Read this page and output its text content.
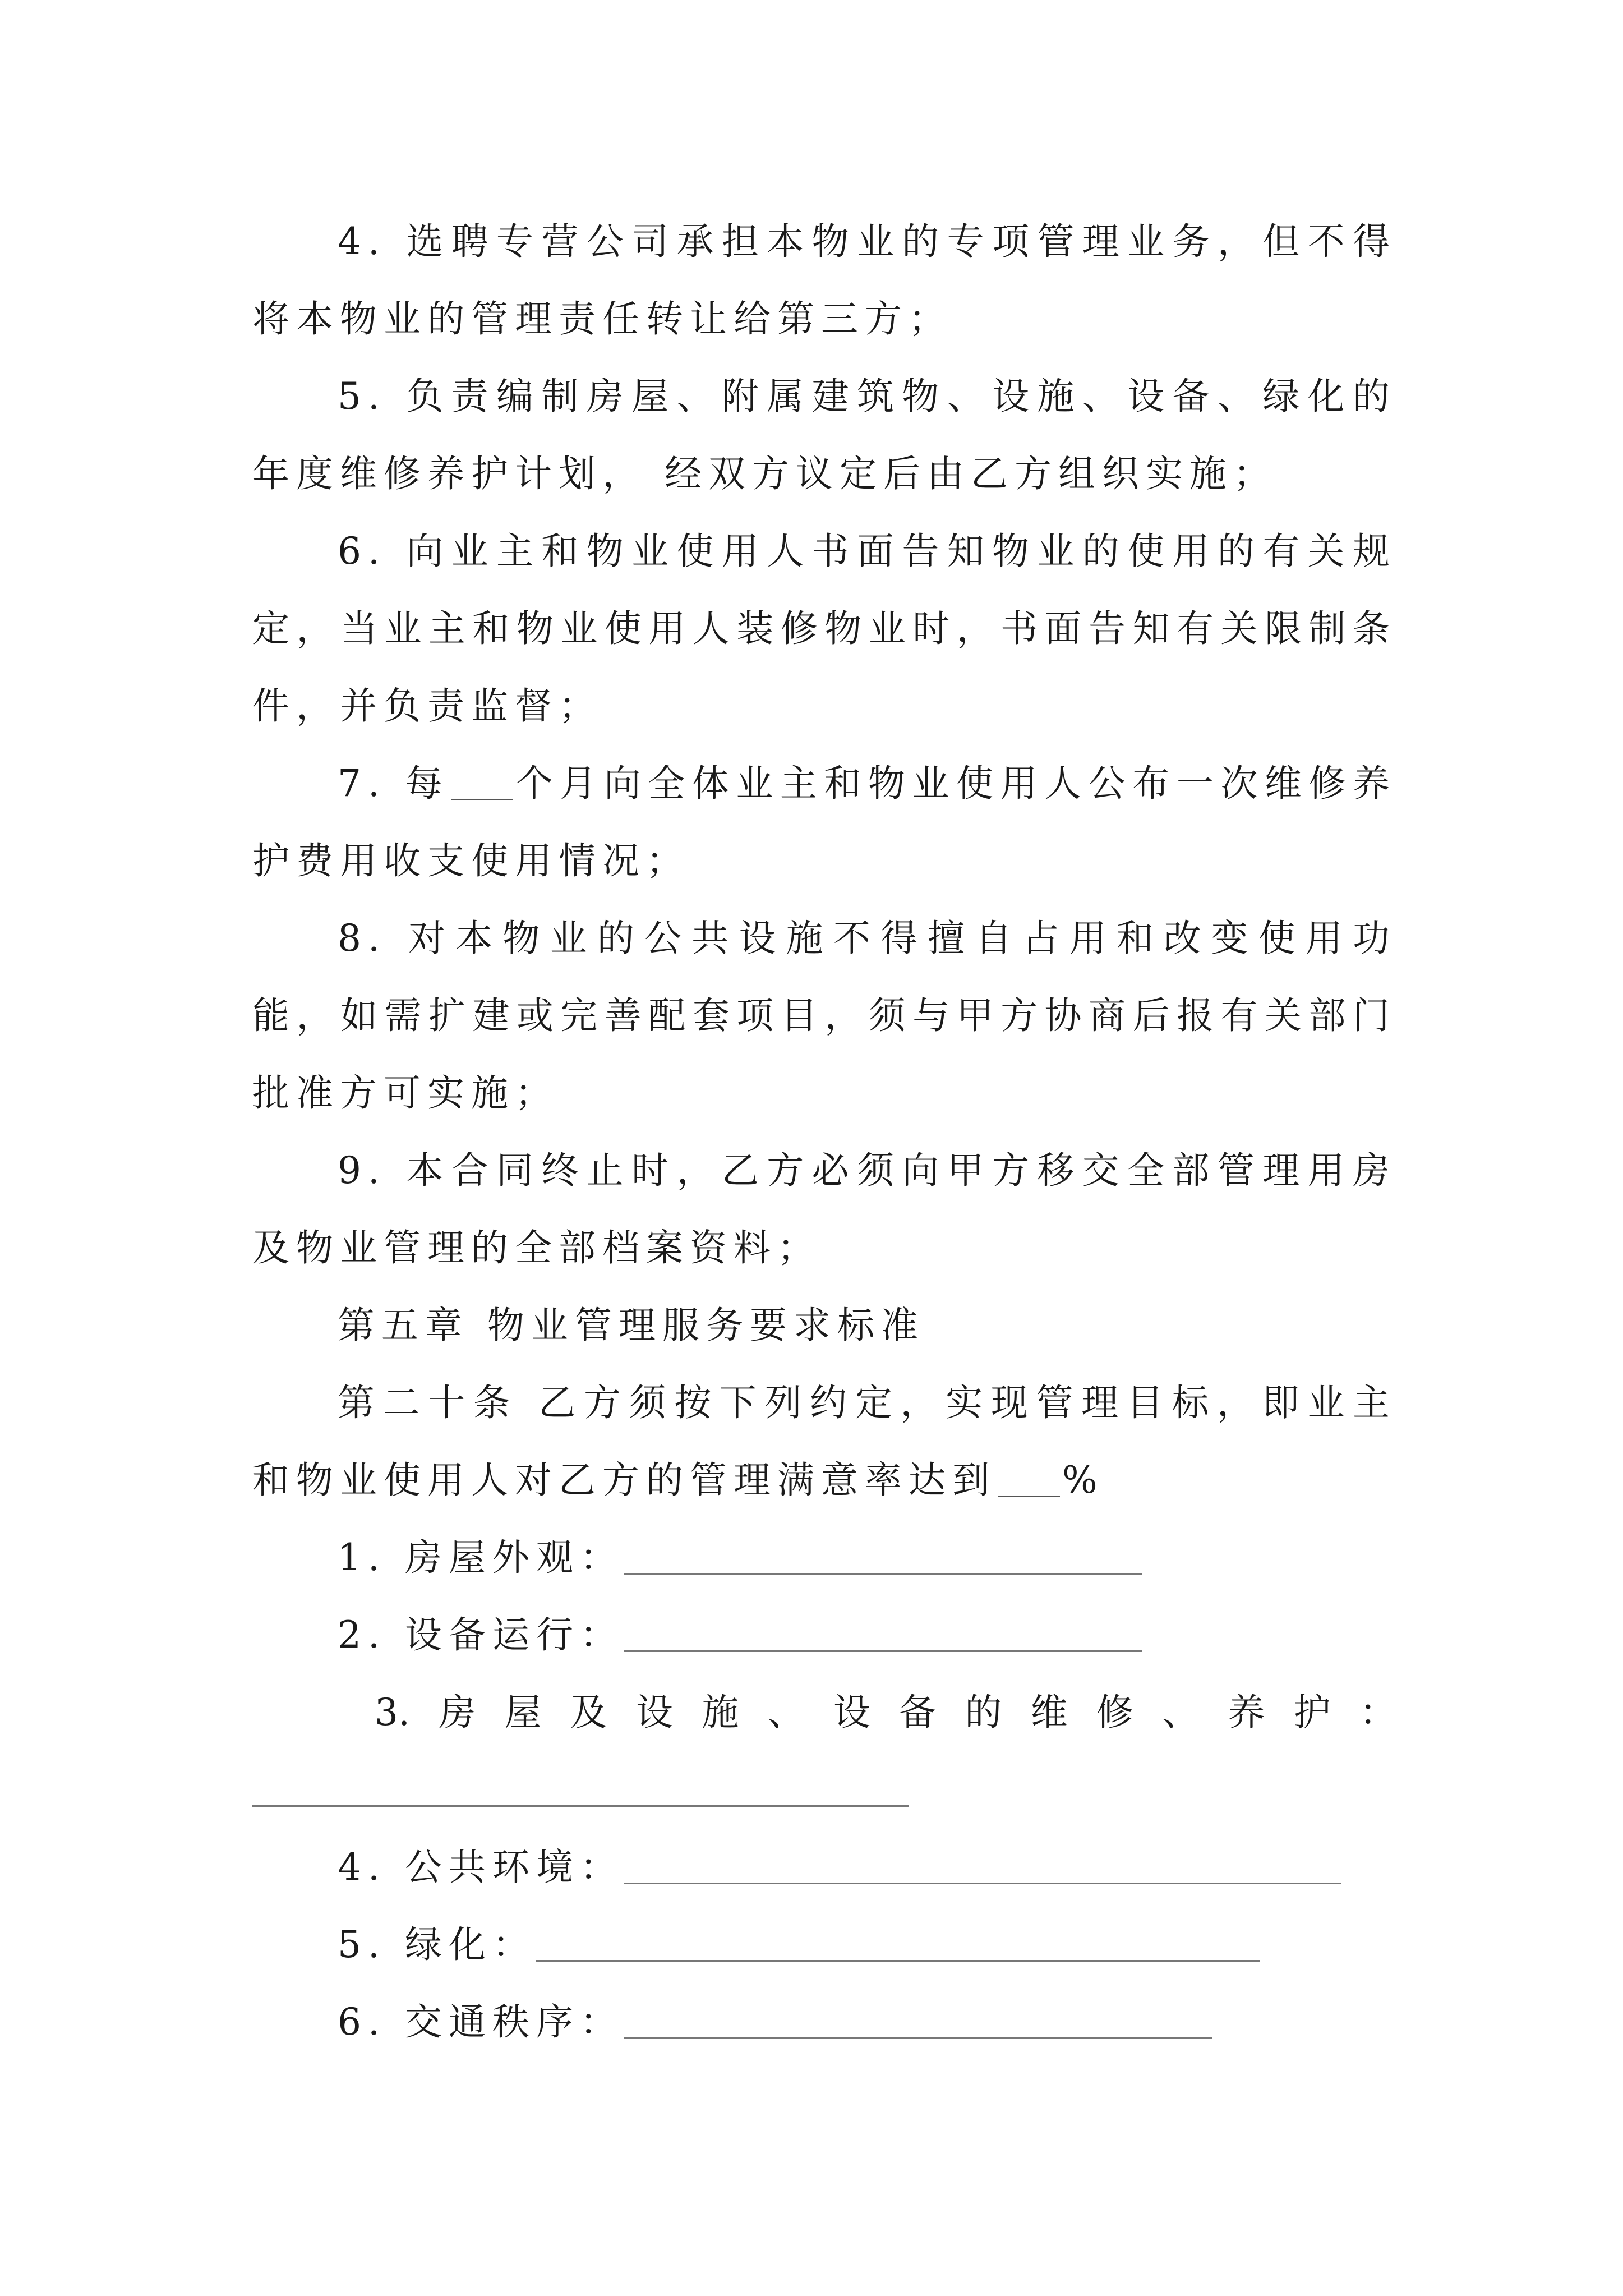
4. 选聘专营公司承担本物业的专项管理业务，但不得将本物业的管理责任转让给第三方；

5. 负责编制房屋、附属建筑物、设施、设备、绿化的年度维修养护计划， 经双方议定后由乙方组织实施；

6. 向业主和物业使用人书面告知物业的使用的有关规定，当业主和物业使用人装修物业时，书面告知有关限制条件，并负责监督；

7. 每 个月向全体业主和物业使用人公布一次维修养护费用收支使用情况；

8. 对本物业的公共设施不得擅自占用和改变使用功能，如需扩建或完善配套项目，须与甲方协商后报有关部门批准方可实施；

9. 本合同终止时，乙方必须向甲方移交全部管理用房及物业管理的全部档案资料；

第五章 物业管理服务要求标准

第二十条 乙方须按下列约定，实现管理目标，即业主和物业使用人对乙方的管理满意率达到 %

1. 房屋外观：

2. 设备运行：

3. 房 屋 及 设 施 、 设 备 的 维 修 、 养 护 ：

4. 公共环境：

5. 绿化：

6. 交通秩序：
